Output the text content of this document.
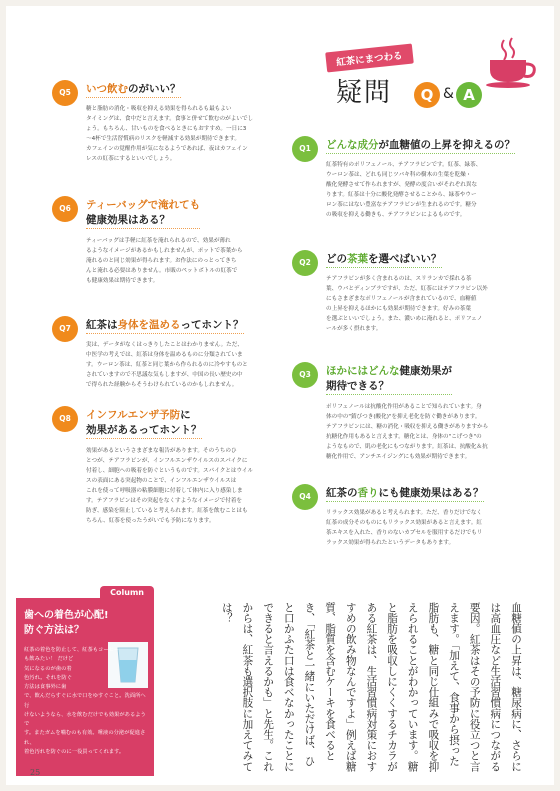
紅茶にまつわる
疑問	Q & A
Q5	いつ飲むのがいい？
糖と脂肪の消化・吸収を抑える効果を得られるも最もよい
タイミングは、食中だと言えます。食事と併せて飲むのがよいでし
ょう。もちろん、甘いものを食べるときにもおすすめ。一日に3
〜4杯で生活習慣病のリスクを軽減する効果が期待できます。
カフェインの覚醒作用が気になるようであれば、夜はカフェイン
レスの紅茶にするといいでしょう。
Q6	ティーバッグで淹れても
健康効果はある？
ティーバッグは手軽に紅茶を淹れられるので、効果が薄れ
るようなイメージがあるかもしれませんが、ポットで茶葉から
淹れるのと同じ効果が得られます。お作法にのっとってきち
んと淹れる必要はありません。市販のペットボトルの紅茶で
も健康効果は期待できます。
Q7	紅茶は身体を温めるってホント？
実は、データがなくはっきりしたことはわかりません。ただ、
中医学の考えでは、紅茶は身体を温めるものに分類されていま
す。ウーロン茶は、紅茶と同じ葉から作られるのに冷やすものと
されていますので不思議な気もしますが、中国の長い歴史の中
で得られた経験からそうわけられているのかもしれません。
Q8	インフルエンザ予防に
効果があるってホント？
効果があるというさまざまな報告があります。そのうちのひ
とつが、テアフラビンが、インフルエンザウイルスのスパイクに
付着し、細胞への吸着を防ぐというものです。スパイクとはウイル
スの表面にある突起物のことで、インフルエンザウイルスは
これを使って呼吸器の粘膜細胞に付着して体内に入り感染しま
す。テアフラビンはその突起をなくすようなイメージで付着を
防ぎ、感染を阻止していると考えられます。紅茶を飲むことはも
ちろん、紅茶を使ったうがいでも予防になります。
Q1	どんな成分が血糖値の上昇を抑えるの？
紅茶特有のポリフェノール、テアフラビンです。紅茶、緑茶、
ウーロン茶は、どれも同じツバキ科の樹木の生葉を乾燥・
酸化発酵させて作られますが、発酵の度合いがそれぞれ異な
ります。紅茶は十分に酸化発酵させることから、緑茶やウー
ロン茶にはない豊富なテアフラビンが生まれるのです。糖分
の吸収を抑える働きも、テアフラビンによるものです。
Q2	どの茶葉を選べばいい？
テアフラビンが多く含まれるのは、スリランカで採れる茶
葉、ウバとディンブラですが、ただ、紅茶にはテアフラビン以外
にもさまざまなポリフェノールが含まれているので、血糖値
の上昇を抑えるほかにも効果が期待できます。好みの茶葉
を選ぶといいでしょう。また、濃いめに淹れると、ポリフェノ
ールが多く摂れます。
Q3	ほかにはどんな健康効果が
期待できる？
ポリフェノールは抗酸化作用があることで知られています。身
体の中の"錆びつき(酸化)"を抑え老化を防ぐ働きがあります。
テアフラビンには、糖の消化・吸収を抑える働きがありますから
抗糖化作用もあると言えます。糖化とは、身体の"こげつき"の
ようなもので、肌の老化にもつながります。紅茶は、抗酸化＆抗
糖化作用で、アンチエイジングにも効果が期待できます。
Q4	紅茶の香りにも健康効果はある？
リラックス効果があると考えられます。ただ、香りだけでなく
紅茶の成分そのものにもリラックス効果があると言えます。紅
茶エキスを入れた、香りのないカプセルを服用するだけでもリ
ラックス効果が得られたというデータもあります。
Column
歯への着色が心配!
防ぐ方法は？
紅茶の着色を防止して、紅茶もコーヒー
も飲みたい！ だけど
気になるのが歯の着
色汚れ。それを防ぐ
方法は食事外に歯
で、飲んだらすぐに水で口をゆすぐこと。洗面所へ行
けないようなら、水を飲むだけでも効果があるようで
す。またガムを噛むのも有効。唾液の分泌が促進され、
着色汚れを防ぐのに一役買ってくれます。
25
血糖値の上昇は、糖尿病に、さらには高血圧など生活習慣病につながる要因。紅茶はその予防に役立つと言えます。「加えて、食事から摂った脂肪も、糖と同じ仕組みで吸収を抑えられることがわかっています。糖と脂肪を吸収しにくくするチカラがある紅茶は、生活習慣病対策におすすめの飲み物なんですよ」例えば糖質、脂質を含むケーキを食べるとき、「紅茶と一緒にいただけば、ひと口かふた口は食べなかったことにできると言えるかも」と先生。これからは、紅茶も選択肢に加えてみては？
